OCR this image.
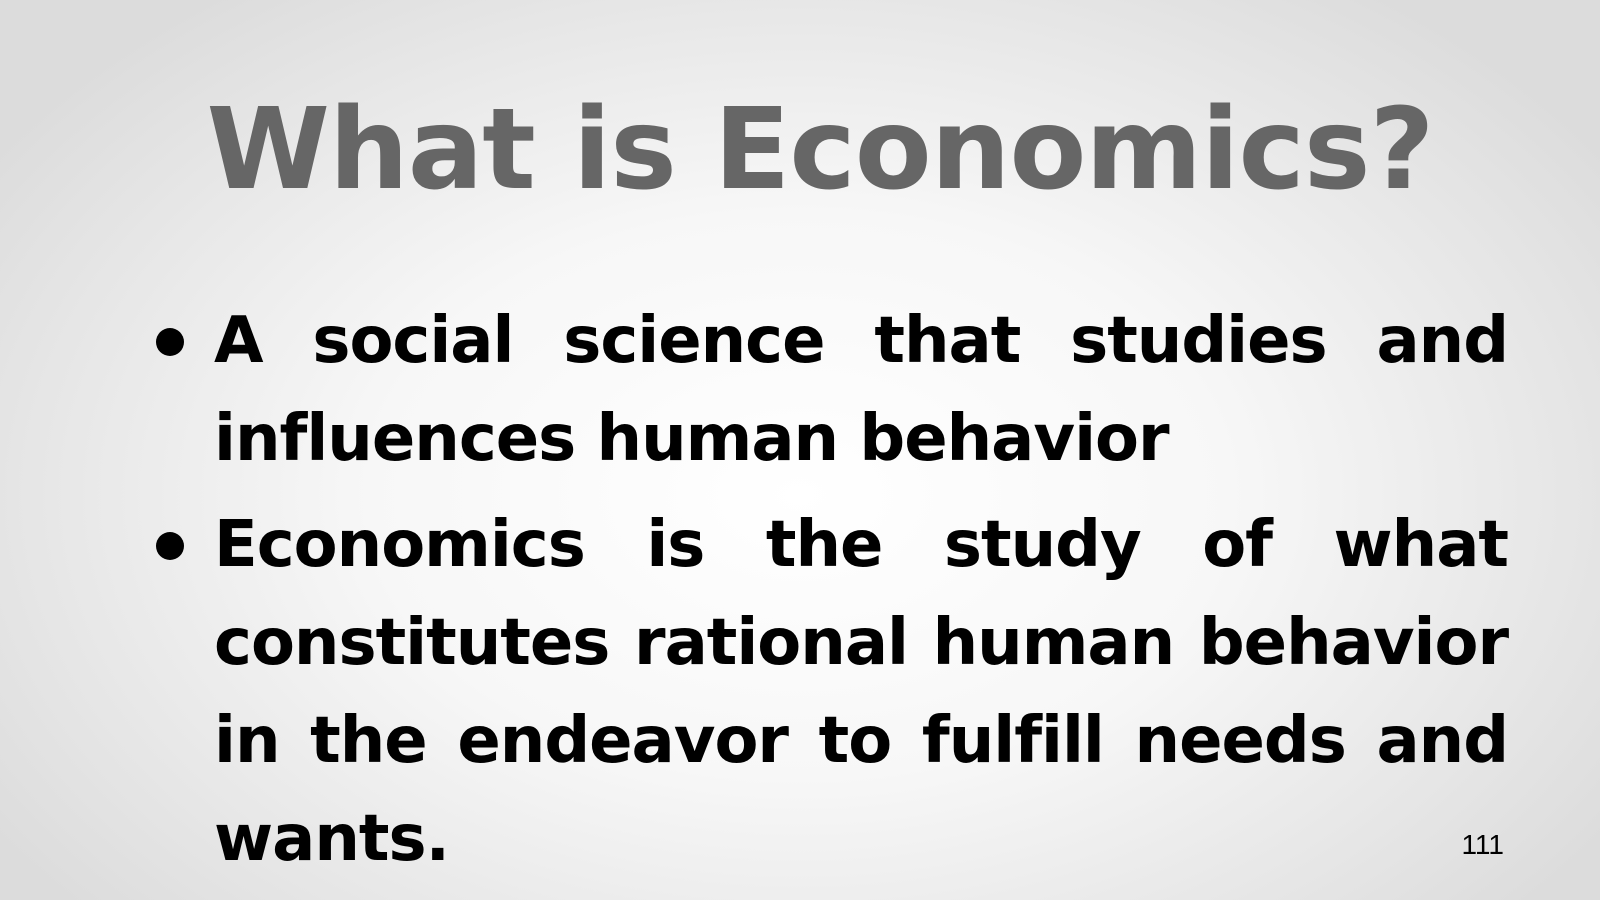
What is Economics?
A social science that studies and influences human behavior
Economics is the study of what constitutes rational human behavior in the endeavor to fulfill needs and wants.	111
